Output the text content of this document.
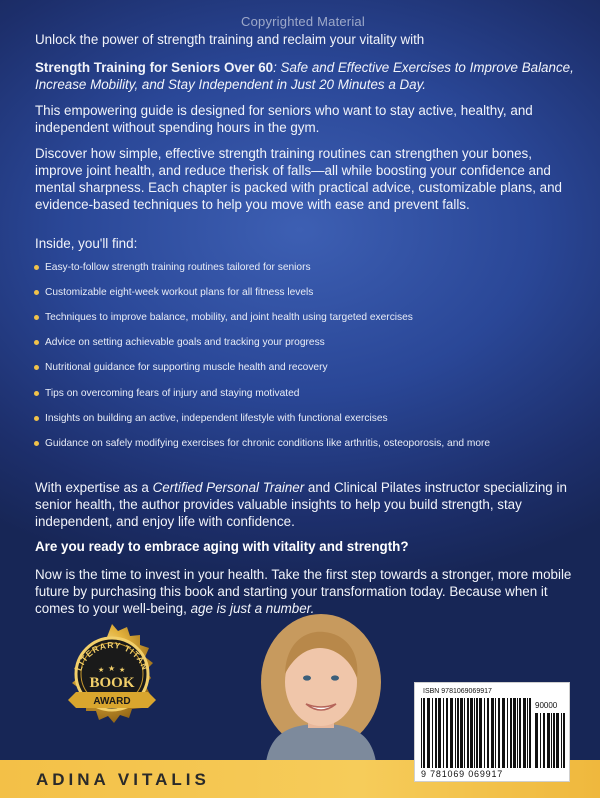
Copyrighted Material
Unlock the power of strength training and reclaim your vitality with
Strength Training for Seniors Over 60: Safe and Effective Exercises to Improve Balance, Increase Mobility, and Stay Independent in Just 20 Minutes a Day.
This empowering guide is designed for seniors who want to stay active, healthy, and independent without spending hours in the gym.
Discover how simple, effective strength training routines can strengthen your bones, improve joint health, and reduce therisk of falls—all while boosting your confidence and mental sharpness. Each chapter is packed with practical advice, customizable plans, and evidence-based techniques to help you move with ease and prevent falls.
Inside, you'll find:
Easy-to-follow strength training routines tailored for seniors
Customizable eight-week workout plans for all fitness levels
Techniques to improve balance, mobility, and joint health using targeted exercises
Advice on setting achievable goals and tracking your progress
Nutritional guidance for supporting muscle health and recovery
Tips on overcoming fears of injury and staying motivated
Insights on building an active, independent lifestyle with functional exercises
Guidance on safely modifying exercises for chronic conditions like arthritis, osteoporosis, and more
With expertise as a Certified Personal Trainer and Clinical Pilates instructor specializing in senior health, the author provides valuable insights to help you build strength, stay independent, and enjoy life with confidence.
Are you ready to embrace aging with vitality and strength?
Now is the time to invest in your health. Take the first step towards a stronger, more mobile future by purchasing this book and starting your transformation today. Because when it comes to your well-being, age is just a number.
LITERARY TITAN
★ ★ ★
BOOK
AWARD
ADINA VITALIS
ISBN 9781069069917
90000
9 781069 069917
